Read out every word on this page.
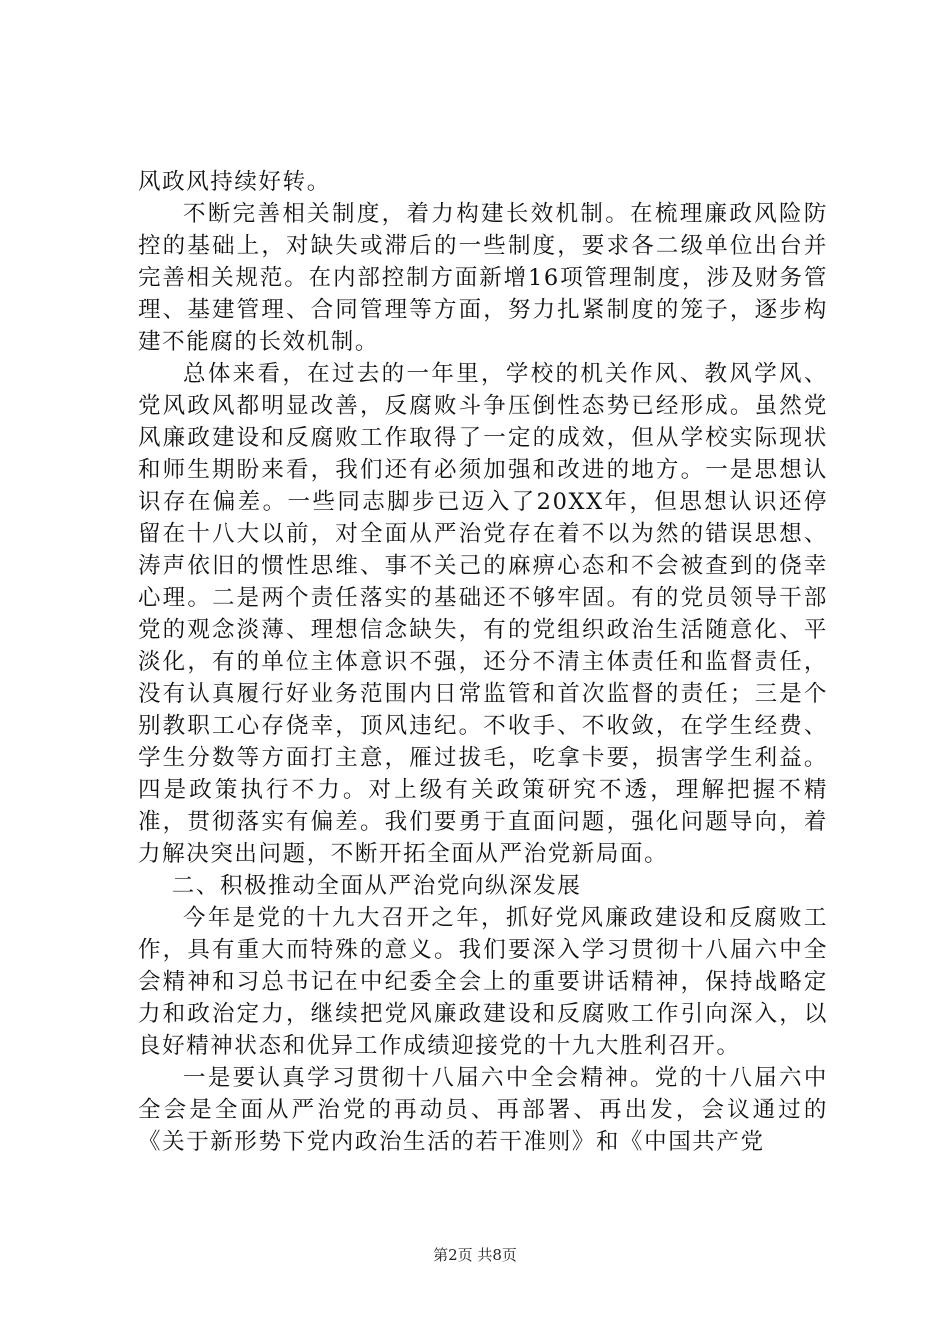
风政风持续好转。

不断完善相关制度，着力构建长效机制。在梳理廉政风险防控的基础上，对缺失或滞后的一些制度，要求各二级单位出台并完善相关规范。在内部控制方面新增16项管理制度，涉及财务管理、基建管理、合同管理等方面，努力扎紧制度的笼子，逐步构建不能腐的长效机制。

总体来看，在过去的一年里，学校的机关作风、教风学风、党风政风都明显改善，反腐败斗争压倒性态势已经形成。虽然党风廉政建设和反腐败工作取得了一定的成效，但从学校实际现状和师生期盼来看，我们还有必须加强和改进的地方。一是思想认识存在偏差。一些同志脚步已迈入了20XX年，但思想认识还停留在十八大以前，对全面从严治党存在着不以为然的错误思想、涛声依旧的惯性思维、事不关己的麻痹心态和不会被查到的侥幸心理。二是两个责任落实的基础还不够牢固。有的党员领导干部党的观念淡薄、理想信念缺失，有的党组织政治生活随意化、平淡化，有的单位主体意识不强，还分不清主体责任和监督责任，没有认真履行好业务范围内日常监管和首次监督的责任；三是个别教职工心存侥幸，顶风违纪。不收手、不收敛，在学生经费、学生分数等方面打主意，雁过拔毛，吃拿卡要，损害学生利益。四是政策执行不力。对上级有关政策研究不透，理解把握不精准，贯彻落实有偏差。我们要勇于直面问题，强化问题导向，着力解决突出问题，不断开拓全面从严治党新局面。

二、积极推动全面从严治党向纵深发展

今年是党的十九大召开之年，抓好党风廉政建设和反腐败工作，具有重大而特殊的意义。我们要深入学习贯彻十八届六中全会精神和习总书记在中纪委全会上的重要讲话精神，保持战略定力和政治定力，继续把党风廉政建设和反腐败工作引向深入，以良好精神状态和优异工作成绩迎接党的十九大胜利召开。

一是要认真学习贯彻十八届六中全会精神。党的十八届六中全会是全面从严治党的再动员、再部署、再出发，会议通过的《关于新形势下党内政治生活的若干准则》和《中国共产党

第2页 共8页
